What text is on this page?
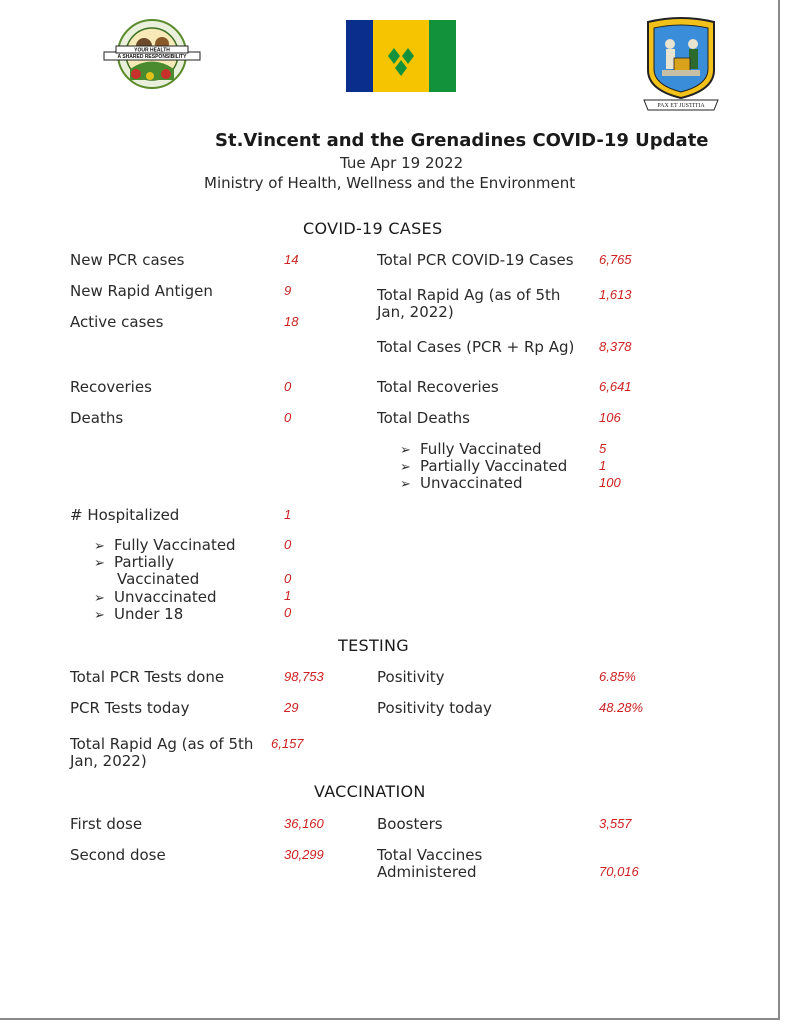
YOUR HEALTH
A SHARED RESPONSIBILITY
PAX ET JUSTITIA
St.Vincent and the Grenadines COVID-19 Update
Tue Apr 19 2022
Ministry of Health, Wellness and the Environment
COVID-19 CASES
New PCR cases	14
New Rapid Antigen	9
Active cases	18
Total PCR COVID-19 Cases 6,765
Total Rapid Ag (as of 5th
Jan, 2022)
1,613
Total Cases (PCR + Rp Ag) 8,378
Recoveries	0
Deaths	0
Total Recoveries	6,641
Total Deaths	106
➢ Fully Vaccinated	5
➢ Partially Vaccinated 1
➢ Unvaccinated	100
# Hospitalized	1
➢ Fully Vaccinated	0
➢ Partially
Vaccinated	0
➢ Unvaccinated	1
➢ Under 18	0
TESTING
Total PCR Tests done	98,753
PCR Tests today	29
Total Rapid Ag (as of 5th
Jan, 2022)
6,157
Positivity	6.85%
Positivity today	48.28%
VACCINATION
First dose	36,160
Second dose	30,299
Boosters	3,557
Total Vaccines
Administered	70,016
